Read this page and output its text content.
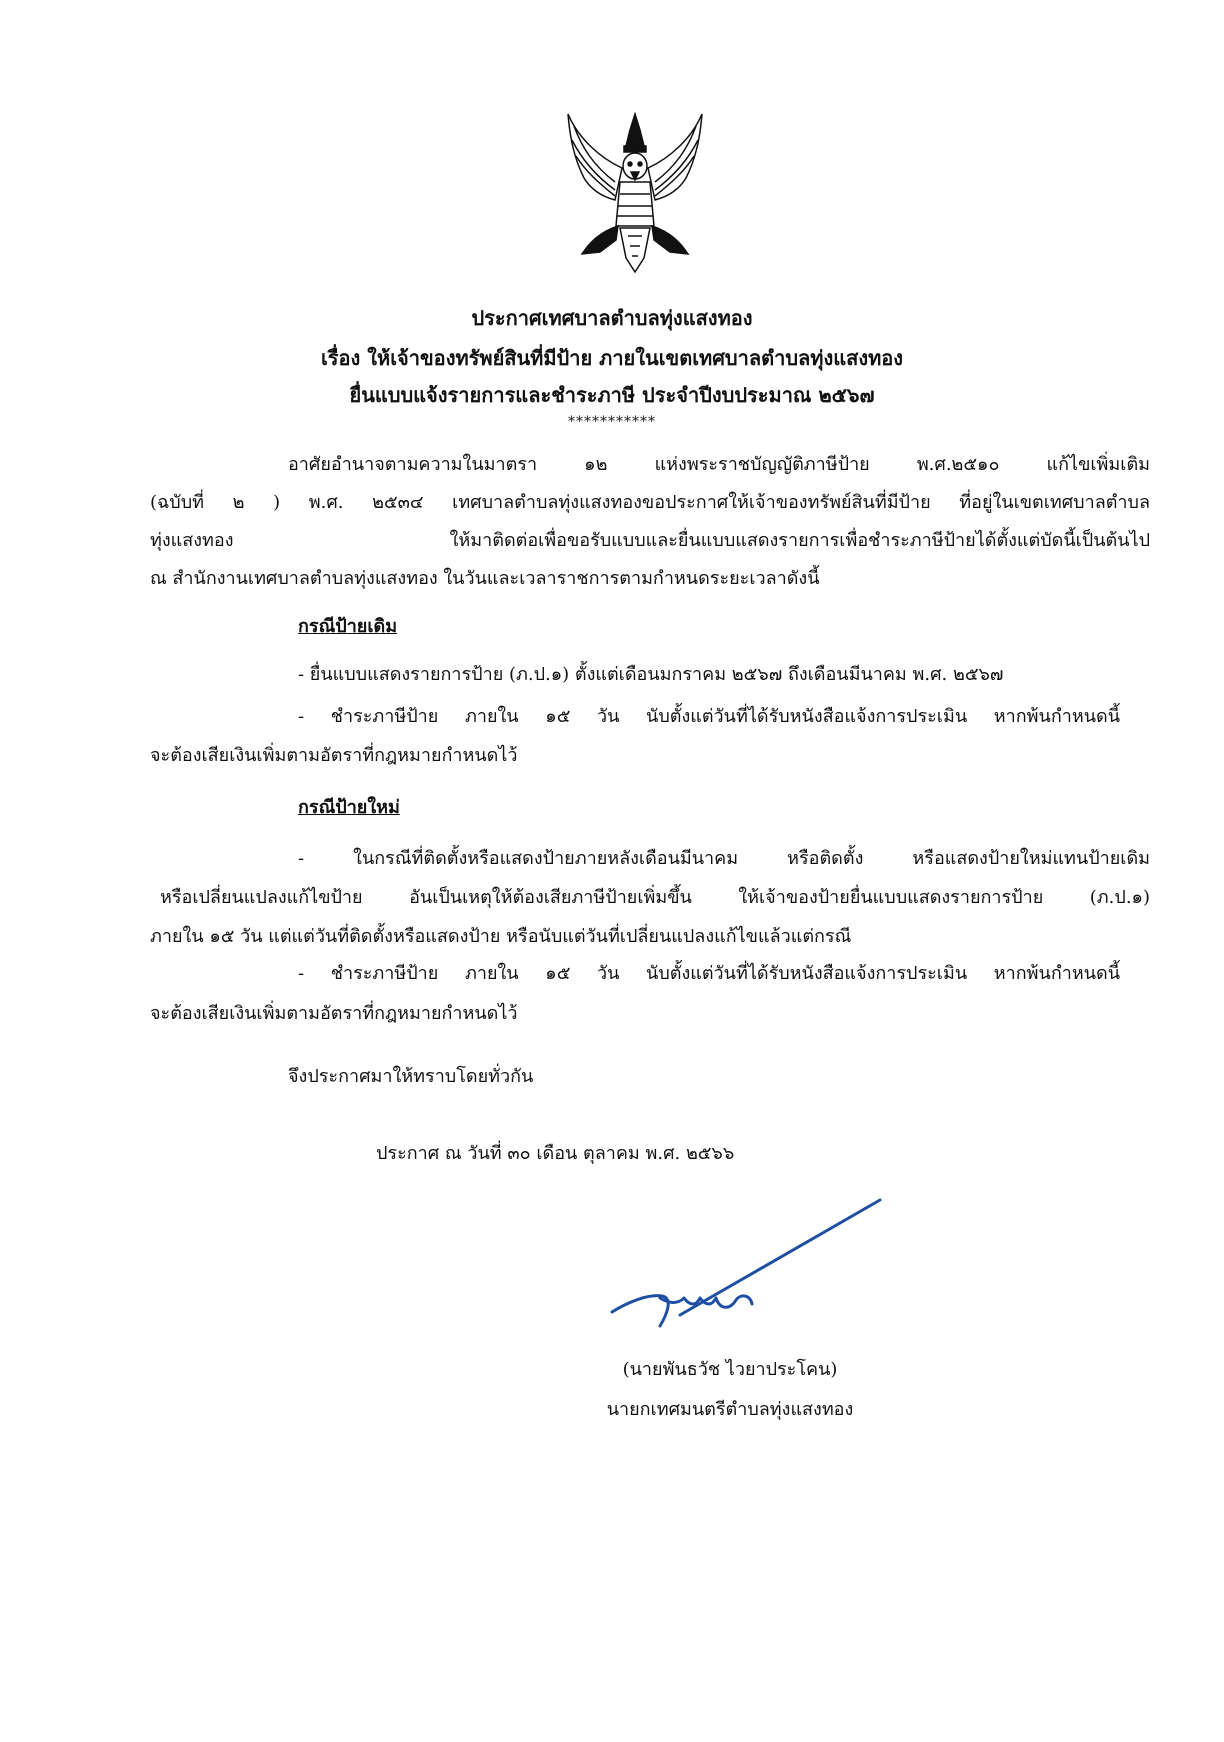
ประกาศเทศบาลตำบลทุ่งแสงทอง
เรื่อง ให้เจ้าของทรัพย์สินที่มีป้าย ภายในเขตเทศบาลตำบลทุ่งแสงทอง
ยื่นแบบแจ้งรายการและชำระภาษี ประจำปีงบประมาณ ๒๕๖๗
***********
อาศัยอำนาจตามความในมาตรา ๑๒ แห่งพระราชบัญญัติภาษีป้าย พ.ศ.๒๕๑๐ แก้ไขเพิ่มเติม
(ฉบับที่ ๒ ) พ.ศ. ๒๕๓๔ เทศบาลตำบลทุ่งแสงทองขอประกาศให้เจ้าของทรัพย์สินที่มีป้าย ที่อยู่ในเขตเทศบาลตำบล
ทุ่งแสงทอง ให้มาติดต่อเพื่อขอรับแบบและยื่นแบบแสดงรายการเพื่อชำระภาษีป้ายได้ตั้งแต่บัดนี้เป็นต้นไป
ณ สำนักงานเทศบาลตำบลทุ่งแสงทอง ในวันและเวลาราชการตามกำหนดระยะเวลาดังนี้
กรณีป้ายเดิม
- ยื่นแบบแสดงรายการป้าย (ภ.ป.๑) ตั้งแต่เดือนมกราคม ๒๕๖๗ ถึงเดือนมีนาคม พ.ศ. ๒๕๖๗
- ชำระภาษีป้าย ภายใน ๑๕ วัน นับตั้งแต่วันที่ได้รับหนังสือแจ้งการประเมิน หากพ้นกำหนดนี้
จะต้องเสียเงินเพิ่มตามอัตราที่กฎหมายกำหนดไว้
กรณีป้ายใหม่
- ในกรณีที่ติดตั้งหรือแสดงป้ายภายหลังเดือนมีนาคม หรือติดตั้ง หรือแสดงป้ายใหม่แทนป้ายเดิม
หรือเปลี่ยนแปลงแก้ไขป้าย อันเป็นเหตุให้ต้องเสียภาษีป้ายเพิ่มขึ้น ให้เจ้าของป้ายยื่นแบบแสดงรายการป้าย (ภ.ป.๑)
ภายใน ๑๕ วัน แต่แต่วันที่ติดตั้งหรือแสดงป้าย หรือนับแต่วันที่เปลี่ยนแปลงแก้ไขแล้วแต่กรณี
- ชำระภาษีป้าย ภายใน ๑๕ วัน นับตั้งแต่วันที่ได้รับหนังสือแจ้งการประเมิน หากพ้นกำหนดนี้
จะต้องเสียเงินเพิ่มตามอัตราที่กฎหมายกำหนดไว้
จึงประกาศมาให้ทราบโดยทั่วกัน
ประกาศ ณ วันที่ ๓๐ เดือน ตุลาคม พ.ศ. ๒๕๖๖
(นายพันธวัช ไวยาประโคน)
นายกเทศมนตรีตำบลทุ่งแสงทอง
